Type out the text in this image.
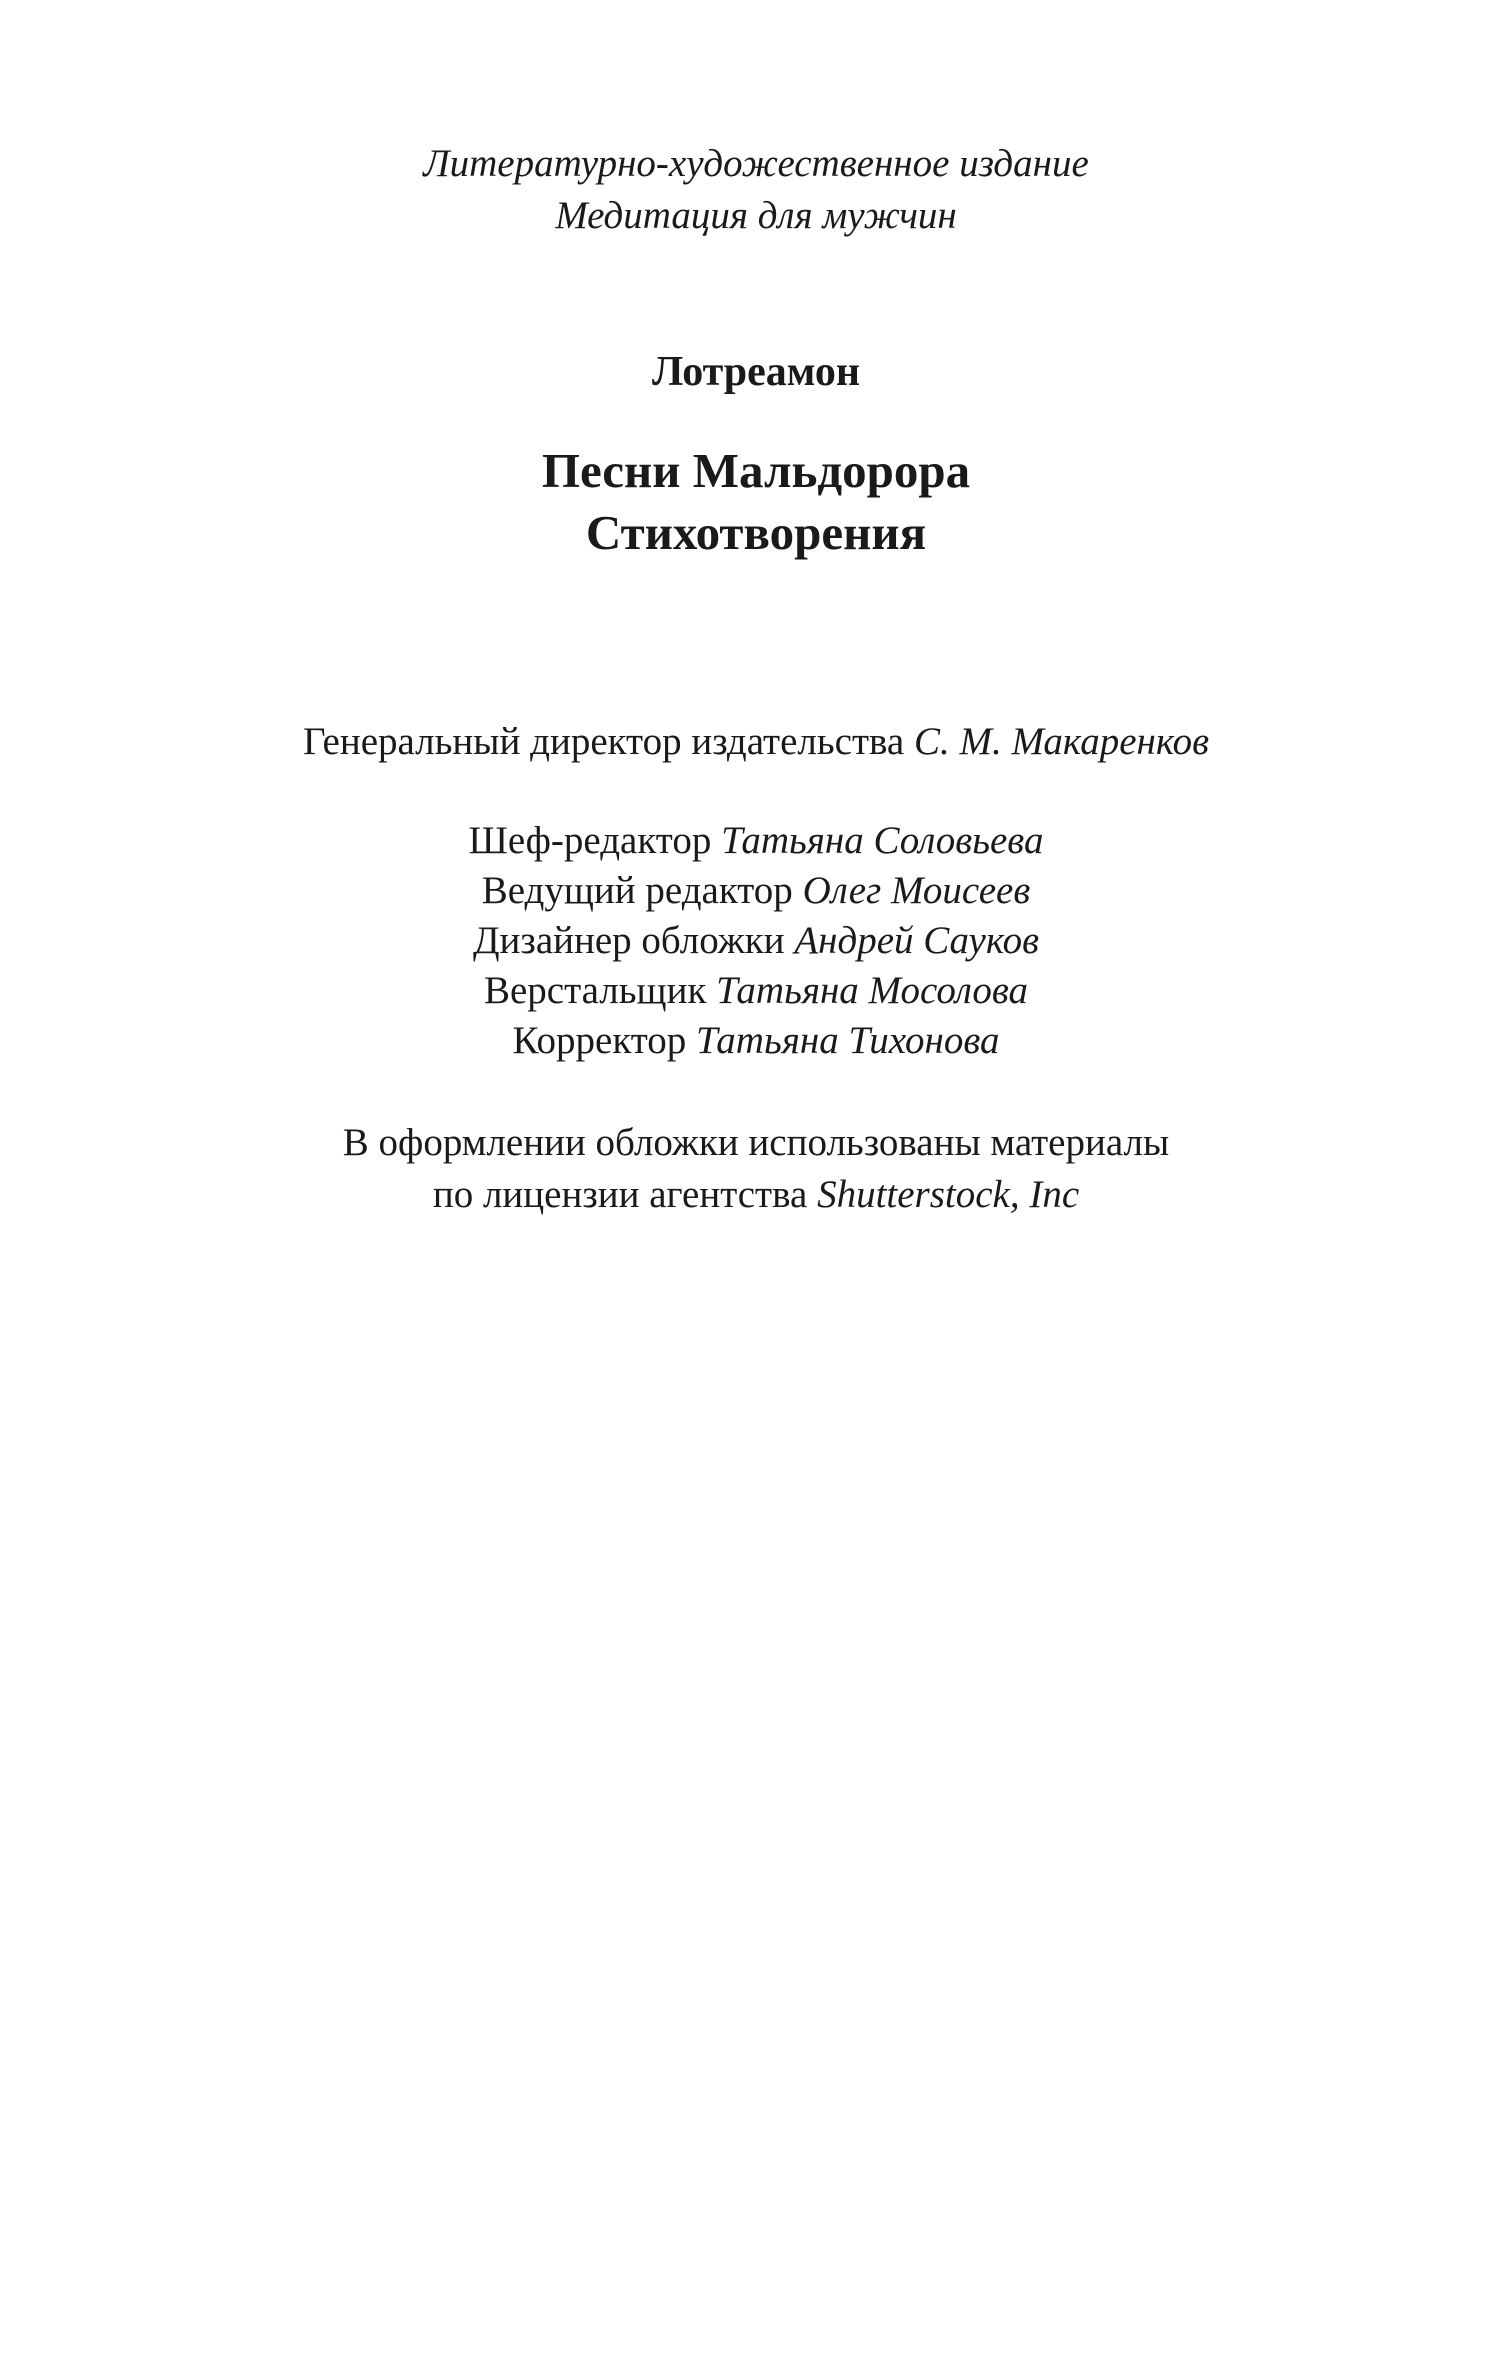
Литературно-художественное издание
Медитация для мужчин
Лотреамон
Песни Мальдорора
Стихотворения
Генеральный директор издательства С. М. Макаренков
Шеф-редактор Татьяна Соловьева
Ведущий редактор Олег Моисеев
Дизайнер обложки Андрей Сауков
Верстальщик Татьяна Мосолова
Корректор Татьяна Тихонова
В оформлении обложки использованы материалы
по лицензии агентства Shutterstock, Inc
